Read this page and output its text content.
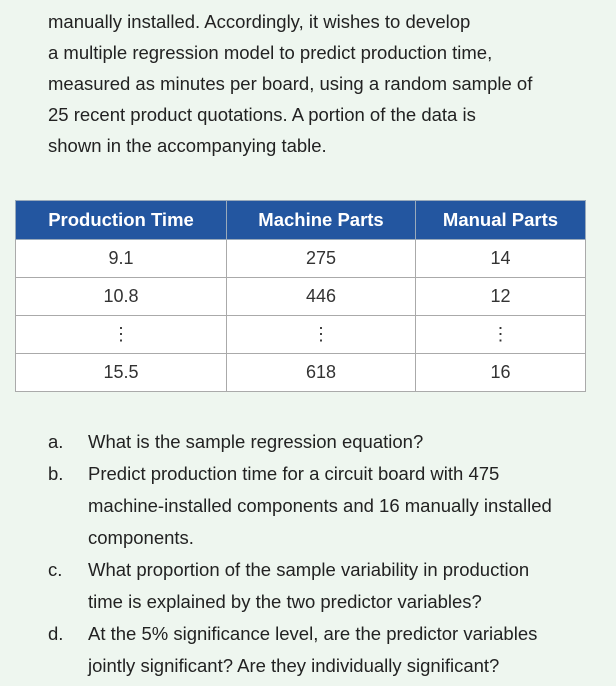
manually installed. Accordingly, it wishes to develop
a multiple regression model to predict production time,
measured as minutes per board, using a random sample of
25 recent product quotations. A portion of the data is
shown in the accompanying table.
Production Time	Machine Parts	Manual Parts
9.1	275	14
10.8	446	12
⋮	⋮	⋮
15.5	618	16
a.	What is the sample regression equation?
b.	Predict production time for a circuit board with 475
machine-installed components and 16 manually installed
components.
c.	What proportion of the sample variability in production
time is explained by the two predictor variables?
d.	At the 5% significance level, are the predictor variables
jointly significant? Are they individually significant?
